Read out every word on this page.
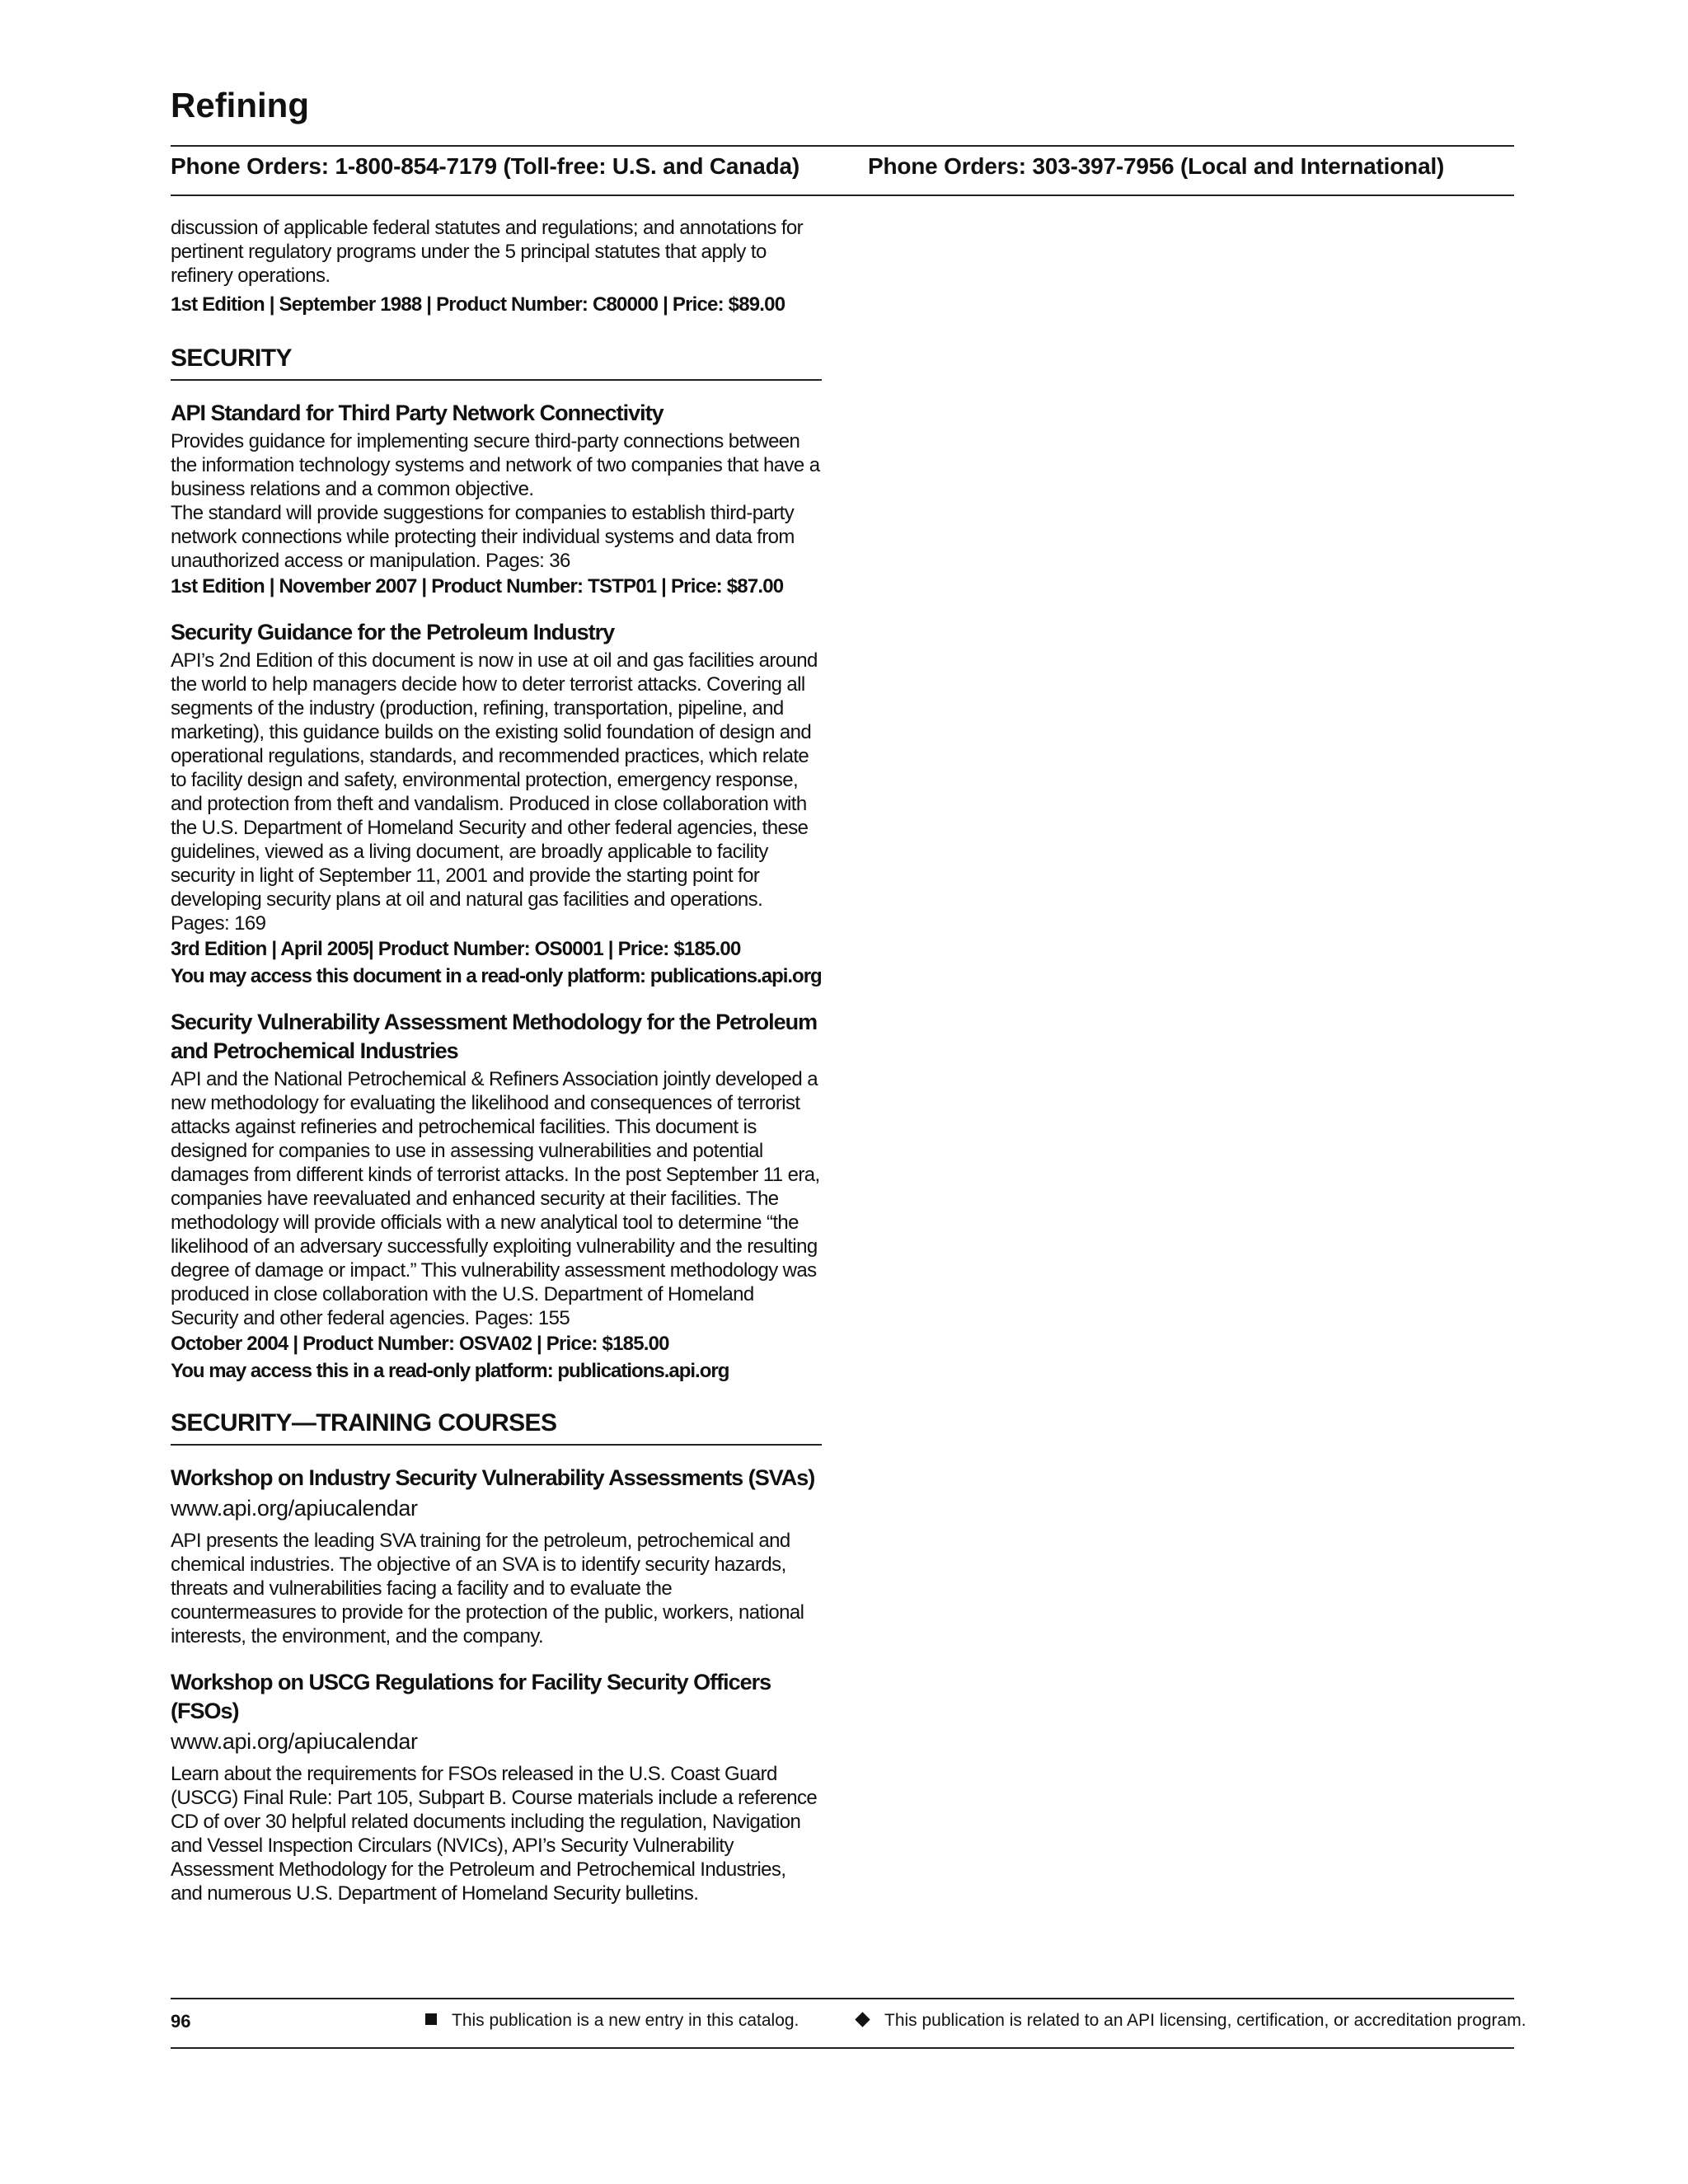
Refining
Phone Orders: 1-800-854-7179 (Toll-free: U.S. and Canada)	Phone Orders: 303-397-7956 (Local and International)

discussion of applicable federal statutes and regulations; and annotations for pertinent regulatory programs under the 5 principal statutes that apply to refinery operations.

1st Edition | September 1988 | Product Number: C80000 | Price: $89.00

SECURITY
API Standard for Third Party Network Connectivity

Provides guidance for implementing secure third-party connections between the information technology systems and network of two companies that have a business relations and a common objective.

The standard will provide suggestions for companies to establish third-party network connections while protecting their individual systems and data from unauthorized access or manipulation. Pages: 36

1st Edition | November 2007 | Product Number: TSTP01 | Price: $87.00

Security Guidance for the Petroleum Industry

API’s 2nd Edition of this document is now in use at oil and gas facilities around the world to help managers decide how to deter terrorist attacks. Covering all segments of the industry (production, refining, transportation, pipeline, and marketing), this guidance builds on the existing solid foundation of design and operational regulations, standards, and recommended practices, which relate to facility design and safety, environmental protection, emergency response, and protection from theft and vandalism. Produced in close collaboration with the U.S. Department of Homeland Security and other federal agencies, these guidelines, viewed as a living document, are broadly applicable to facility security in light of September 11, 2001 and provide the starting point for developing security plans at oil and natural gas facilities and operations. Pages: 169

3rd Edition | April 2005| Product Number: OS0001 | Price: $185.00

You may access this document in a read-only platform: publications.api.org

Security Vulnerability Assessment Methodology for the Petroleum and Petrochemical Industries

API and the National Petrochemical & Refiners Association jointly developed a new methodology for evaluating the likelihood and consequences of terrorist attacks against refineries and petrochemical facilities. This document is designed for companies to use in assessing vulnerabilities and potential damages from different kinds of terrorist attacks. In the post September 11 era, companies have reevaluated and enhanced security at their facilities. The methodology will provide officials with a new analytical tool to determine “the likelihood of an adversary successfully exploiting vulnerability and the resulting degree of damage or impact.” This vulnerability assessment methodology was produced in close collaboration with the U.S. Department of Homeland Security and other federal agencies. Pages: 155

October 2004 | Product Number: OSVA02 | Price: $185.00

You may access this in a read-only platform: publications.api.org

SECURITY—TRAINING COURSES
Workshop on Industry Security Vulnerability Assessments (SVAs)

www.api.org/apiucalendar

API presents the leading SVA training for the petroleum, petrochemical and chemical industries. The objective of an SVA is to identify security hazards, threats and vulnerabilities facing a facility and to evaluate the countermeasures to provide for the protection of the public, workers, national interests, the environment, and the company.

Workshop on USCG Regulations for Facility Security Officers (FSOs)

www.api.org/apiucalendar

Learn about the requirements for FSOs released in the U.S. Coast Guard (USCG) Final Rule: Part 105, Subpart B. Course materials include a reference CD of over 30 helpful related documents including the regulation, Navigation and Vessel Inspection Circulars (NVICs), API’s Security Vulnerability Assessment Methodology for the Petroleum and Petrochemical Industries, and numerous U.S. Department of Homeland Security bulletins.

96	This publication is a new entry in this catalog.	This publication is related to an API licensing, certification, or accreditation program.
